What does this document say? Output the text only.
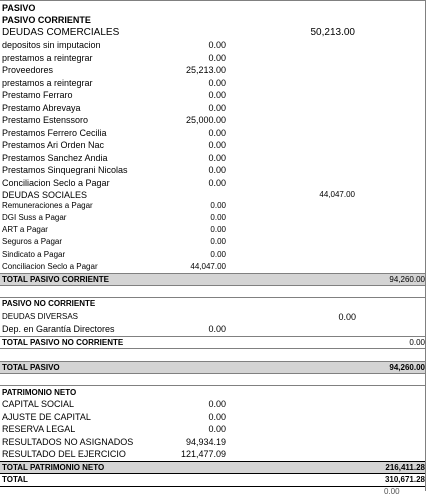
PASIVO
PASIVO CORRIENTE
DEUDAS COMERCIALES	50,213.00
depositos sin imputacion	0.00
prestamos a reintegrar	0.00
Proveedores	25,213.00
prestamos a reintegrar	0.00
Prestamo Ferraro	0.00
Prestamo Abrevaya	0.00
Prestamo Estenssoro	25,000.00
Prestamos Ferrero Cecilia	0.00
Prestamos Ari Orden Nac	0.00
Prestamos Sanchez Andia	0.00
Prestamos Sinquegrani Nicolas	0.00
Conciliacion Seclo a Pagar	0.00
DEUDAS SOCIALES	44,047.00
Remuneraciones a Pagar	0.00
DGI Suss a Pagar	0.00
ART a Pagar	0.00
Seguros a Pagar	0.00
Sindicato a Pagar	0.00
Conciliacion Seclo a Pagar	44,047.00
TOTAL PASIVO CORRIENTE	94,260.00
PASIVO NO CORRIENTE
DEUDAS DIVERSAS	0.00
Dep. en Garantía Directores	0.00
TOTAL PASIVO NO CORRIENTE	0.00
TOTAL PASIVO	94,260.00
PATRIMONIO NETO
CAPITAL SOCIAL	0.00
AJUSTE DE CAPITAL	0.00
RESERVA LEGAL	0.00
RESULTADOS NO ASIGNADOS	94,934.19
RESULTADO DEL EJERCICIO	121,477.09
TOTAL PATRIMONIO NETO	216,411.28
TOTAL	310,671.28
0.00
